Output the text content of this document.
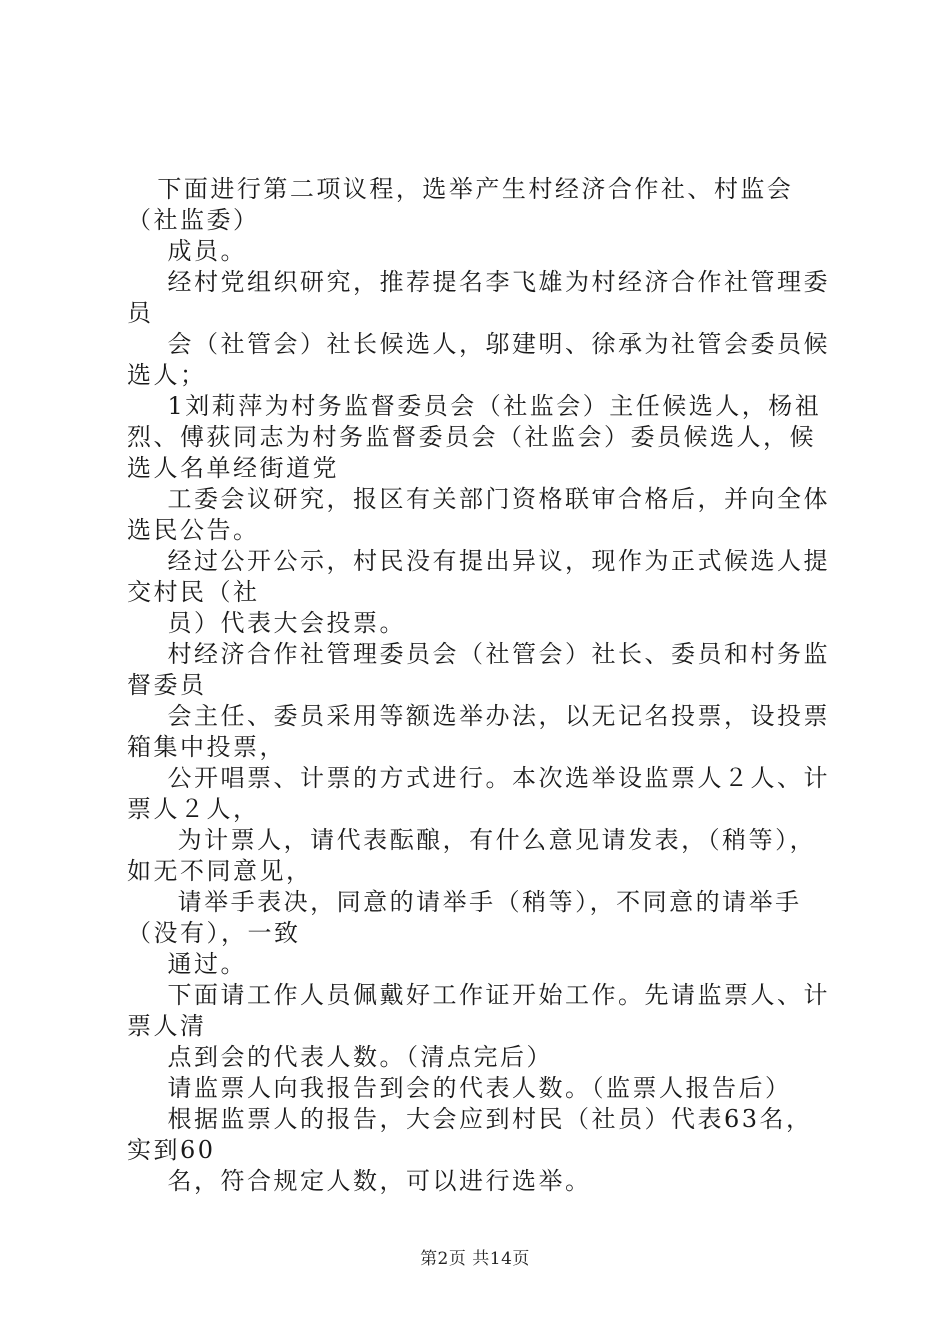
下面进行第二项议程，选举产生村经济合作社、村监会（社监委）

成员。

经村党组织研究，推荐提名李飞雄为村经济合作社管理委员

会（社管会）社长候选人，邬建明、徐承为社管会委员候选人；

1刘莉萍为村务监督委员会（社监会）主任候选人，杨祖烈、傅荻同志为村务监督委员会（社监会）委员候选人，候选人名单经街道党

工委会议研究，报区有关部门资格联审合格后，并向全体选民公告。

经过公开公示，村民没有提出异议，现作为正式候选人提交村民（社

员）代表大会投票。

村经济合作社管理委员会（社管会）社长、委员和村务监督委员

会主任、委员采用等额选举办法，以无记名投票，设投票箱集中投票，

公开唱票、计票的方式进行。本次选举设监票人２人、计票人２人，

为计票人，请代表酝酿，有什么意见请发表，（稍等），如无不同意见，

请举手表决，同意的请举手（稍等），不同意的请举手（没有），一致

通过。

下面请工作人员佩戴好工作证开始工作。先请监票人、计票人清

点到会的代表人数。（清点完后）

请监票人向我报告到会的代表人数。（监票人报告后）

根据监票人的报告，大会应到村民（社员）代表63名，实到60

名，符合规定人数，可以进行选举。

第2页 共14页
